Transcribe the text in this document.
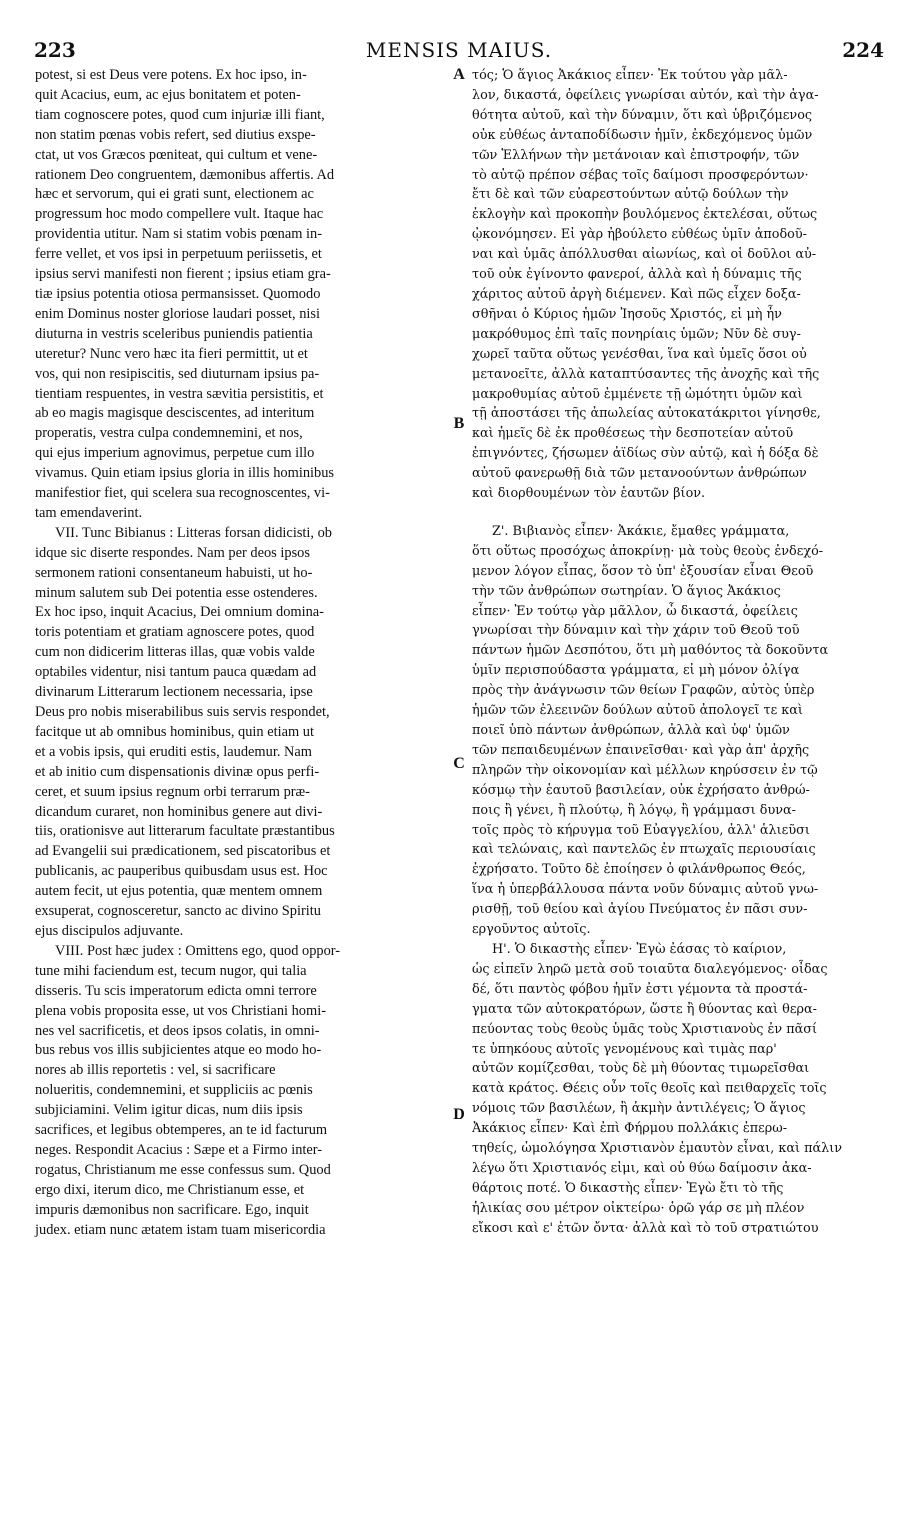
223	MENSIS MAIUS.	224

potest, si est Deus vere potens. Ex hoc ipso, in-
quit Acacius, eum, ac ejus bonitatem et poten-
tiam cognoscere potes, quod cum injuriæ illi fiant,
non statim pœnas vobis refert, sed diutius exspe-
ctat, ut vos Græcos pœniteat, qui cultum et vene-
rationem Deo congruentem, dæmonibus affertis. Ad
hæc et servorum, qui ei grati sunt, electionem ac
progressum hoc modo compellere vult. Itaque hac
providentia utitur. Nam si statim vobis pœnam in-
ferre vellet, et vos ipsi in perpetuum periissetis, et
ipsius servi manifesti non fierent ; ipsius etiam gra-
tiæ ipsius potentia otiosa permansisset. Quomodo
enim Dominus noster gloriose laudari posset, nisi
diuturna in vestris sceleribus puniendis patientia
uteretur? Nunc vero hæc ita fieri permittit, ut et
vos, qui non resipiscitis, sed diuturnam ipsius pa-
tientiam respuentes, in vestra sævitia persistitis, et
ab eo magis magisque desciscentes, ad interitum
properatis, vestra culpa condemnemini, et nos,
qui ejus imperium agnovimus, perpetue cum illo
vivamus. Quin etiam ipsius gloria in illis hominibus
manifestior fiet, qui scelera sua recognoscentes, vi-
tam emendaverint.

VII. Tunc Bibianus : Litteras forsan didicisti, ob
idque sic diserte respondes. Nam per deos ipsos
sermonem rationi consentaneum habuisti, ut ho-
minum salutem sub Dei potentia esse ostenderes.
Ex hoc ipso, inquit Acacius, Dei omnium domina-
toris potentiam et gratiam agnoscere potes, quod
cum non didicerim litteras illas, quæ vobis valde
optabiles videntur, nisi tantum pauca quædam ad
divinarum Litterarum lectionem necessaria, ipse
Deus pro nobis miserabilibus suis servis respondet,
facitque ut ab omnibus hominibus, quin etiam ut
et a vobis ipsis, qui eruditi estis, laudemur. Nam
et ab initio cum dispensationis divinæ opus perfi-
ceret, et suum ipsius regnum orbi terrarum præ-
dicandum curaret, non hominibus genere aut divi-
tiis, orationisve aut litterarum facultate præstantibus
ad Evangelii sui prædicationem, sed piscatoribus et
publicanis, ac pauperibus quibusdam usus est. Hoc
autem fecit, ut ejus potentia, quæ mentem omnem
exsuperat, cognosceretur, sancto ac divino Spiritu
ejus discipulos adjuvante.

VIII. Post hæc judex : Omittens ego, quod oppor-
tune mihi faciendum est, tecum nugor, qui talia
disseris. Tu scis imperatorum edicta omni terrore
plena vobis proposita esse, ut vos Christiani homi-
nes vel sacrificetis, et deos ipsos colatis, in omni-
bus rebus vos illis subjicientes atque eo modo ho-
nores ab illis reportetis : vel, si sacrificare
nolueritis, condemnemini, et suppliciis ac pœnis
subjiciamini. Velim igitur dicas, num diis ipsis
sacrifices, et legibus obtemperes, an te id facturum
neges. Respondit Acacius : Sæpe et a Firmo inter-
rogatus, Christianum me esse confessus sum. Quod
ergo dixi, iterum dico, me Christianum esse, et
impuris dæmonibus non sacrificare. Ego, inquit
judex. etiam nunc ætatem istam tuam misericordia

A
B
C
D

τός; Ὁ ἅγιος Ἀκάκιος εἶπεν· Ἐκ τούτου γὰρ μᾶλ-
λον, δικαστά, ὀφείλεις γνωρίσαι αὐτόν, καὶ τὴν ἀγα-
θότητα αὐτοῦ, καὶ τὴν δύναμιν, ὅτι καὶ ὑβριζόμενος
οὐκ εὐθέως ἀνταποδίδωσιν ἡμῖν, ἐκδεχόμενος ὑμῶν
τῶν Ἑλλήνων τὴν μετάνοιαν καὶ ἐπιστροφήν, τῶν
τὸ αὐτῷ πρέπον σέβας τοῖς δαίμοσι προσφερόντων·
ἔτι δὲ καὶ τῶν εὐαρεστούντων αὐτῷ δούλων τὴν
ἐκλογὴν καὶ προκοπὴν βουλόμενος ἐκτελέσαι, οὕτως
ᾠκονόμησεν. Εἰ γὰρ ἠβούλετο εὐθέως ὑμῖν ἀποδοῦ-
ναι καὶ ὑμᾶς ἀπόλλυσθαι αἰωνίως, καὶ οἱ δοῦλοι αὐ-
τοῦ οὐκ ἐγίνοντο φανεροί, ἀλλὰ καὶ ἡ δύναμις τῆς
χάριτος αὐτοῦ ἀργὴ διέμενεν. Καὶ πῶς εἶχεν δοξα-
σθῆναι ὁ Κύριος ἡμῶν Ἰησοῦς Χριστός, εἰ μὴ ἦν
μακρόθυμος ἐπὶ ταῖς πονηρίαις ὑμῶν; Νῦν δὲ συγ-
χωρεῖ ταῦτα οὕτως γενέσθαι, ἵνα καὶ ὑμεῖς ὅσοι οὐ
μετανοεῖτε, ἀλλὰ καταπτύσαντες τῆς ἀνοχῆς καὶ τῆς
μακροθυμίας αὐτοῦ ἐμμένετε τῇ ὠμότητι ὑμῶν καὶ
τῇ ἀποστάσει τῆς ἀπωλείας αὐτοκατάκριτοι γίνησθε,
καὶ ἡμεῖς δὲ ἐκ προθέσεως τὴν δεσποτείαν αὐτοῦ
ἐπιγνόντες, ζήσωμεν ἀϊδίως σὺν αὐτῷ, καὶ ἡ δόξα δὲ
αὐτοῦ φανερωθῇ διὰ τῶν μετανοούντων ἀνθρώπων
καὶ διορθουμένων τὸν ἑαυτῶν βίον.

Ζ'. Βιβιανὸς εἶπεν· Ἀκάκιε, ἔμαθες γράμματα,
ὅτι οὕτως προσόχως ἀποκρίνῃ· μὰ τοὺς θεοὺς ἐνδεχό-
μενον λόγον εἶπας, ὅσον τὸ ὑπ' ἐξουσίαν εἶναι Θεοῦ
τὴν τῶν ἀνθρώπων σωτηρίαν. Ὁ ἅγιος Ἀκάκιος
εἶπεν· Ἐν τούτῳ γὰρ μᾶλλον, ὦ δικαστά, ὀφείλεις
γνωρίσαι τὴν δύναμιν καὶ τὴν χάριν τοῦ Θεοῦ τοῦ
πάντων ἡμῶν Δεσπότου, ὅτι μὴ μαθόντος τὰ δοκοῦντα
ὑμῖν περισπούδαστα γράμματα, εἰ μὴ μόνον ὀλίγα
πρὸς τὴν ἀνάγνωσιν τῶν θείων Γραφῶν, αὐτὸς ὑπὲρ
ἡμῶν τῶν ἐλεεινῶν δούλων αὐτοῦ ἀπολογεῖ τε καὶ
ποιεῖ ὑπὸ πάντων ἀνθρώπων, ἀλλὰ καὶ ὑφ' ὑμῶν
τῶν πεπαιδευμένων ἐπαινεῖσθαι· καὶ γὰρ ἀπ' ἀρχῆς
πληρῶν τὴν οἰκονομίαν καὶ μέλλων κηρύσσειν ἐν τῷ
κόσμῳ τὴν ἑαυτοῦ βασιλείαν, οὐκ ἐχρήσατο ἀνθρώ-
ποις ἢ γένει, ἢ πλούτῳ, ἢ λόγῳ, ἢ γράμμασι δυνα-
τοῖς πρὸς τὸ κήρυγμα τοῦ Εὐαγγελίου, ἀλλ' ἁλιεῦσι
καὶ τελώναις, καὶ παντελῶς ἐν πτωχαῖς περιουσίαις
ἐχρήσατο. Τοῦτο δὲ ἐποίησεν ὁ φιλάνθρωπος Θεός,
ἵνα ἡ ὑπερβάλλουσα πάντα νοῦν δύναμις αὐτοῦ γνω-
ρισθῇ, τοῦ θείου καὶ ἁγίου Πνεύματος ἐν πᾶσι συν-
εργοῦντος αὐτοῖς.

Η'. Ὁ δικαστὴς εἶπεν· Ἐγὼ ἐάσας τὸ καίριον,
ὡς εἰπεῖν ληρῶ μετὰ σοῦ τοιαῦτα διαλεγόμενος· οἶδας
δέ, ὅτι παντὸς φόβου ἡμῖν ἐστι γέμοντα τὰ προστά-
γματα τῶν αὐτοκρατόρων, ὥστε ἢ θύοντας καὶ θερα-
πεύοντας τοὺς θεοὺς ὑμᾶς τοὺς Χριστιανοὺς ἐν πᾶσί
τε ὑπηκόους αὐτοῖς γενομένους καὶ τιμὰς παρ'
αὐτῶν κομίζεσθαι, τοὺς δὲ μὴ θύοντας τιμωρεῖσθαι
κατὰ κράτος. Θέεις οὖν τοῖς θεοῖς καὶ πειθαρχεῖς τοῖς
νόμοις τῶν βασιλέων, ἢ ἀκμὴν ἀντιλέγεις; Ὁ ἅγιος
Ἀκάκιος εἶπεν· Καὶ ἐπὶ Φήρμου πολλάκις ἐπερω-
τηθείς, ὡμολόγησα Χριστιανὸν ἐμαυτὸν εἶναι, καὶ πάλιν
λέγω ὅτι Χριστιανός εἰμι, καὶ οὐ θύω δαίμοσιν ἀκα-
θάρτοις ποτέ. Ὁ δικαστὴς εἶπεν· Ἐγὼ ἔτι τὸ τῆς
ἡλικίας σου μέτρον οἰκτείρω· ὁρῶ γάρ σε μὴ πλέον
εἴκοσι καὶ ε' ἐτῶν ὄντα· ἀλλὰ καὶ τὸ τοῦ στρατιώτου
